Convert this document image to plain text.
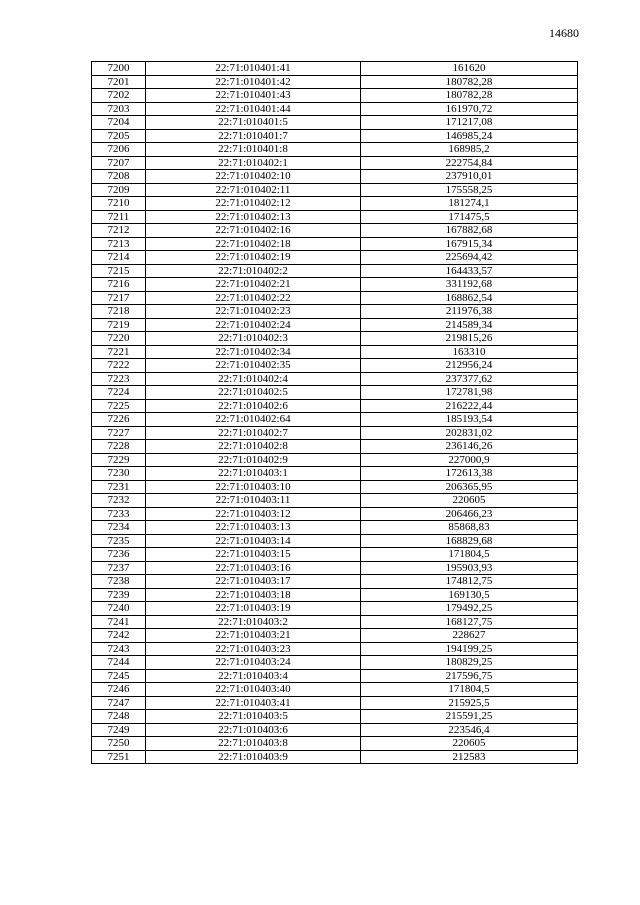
14680
7200	22:71:010401:41	161620
7201	22:71:010401:42	180782,28
7202	22:71:010401:43	180782,28
7203	22:71:010401:44	161970,72
7204	22:71:010401:5	171217,08
7205	22:71:010401:7	146985,24
7206	22:71:010401:8	168985,2
7207	22:71:010402:1	222754,84
7208	22:71:010402:10	237910,01
7209	22:71:010402:11	175558,25
7210	22:71:010402:12	181274,1
7211	22:71:010402:13	171475,5
7212	22:71:010402:16	167882,68
7213	22:71:010402:18	167915,34
7214	22:71:010402:19	225694,42
7215	22:71:010402:2	164433,57
7216	22:71:010402:21	331192,68
7217	22:71:010402:22	168862,54
7218	22:71:010402:23	211976,38
7219	22:71:010402:24	214589,34
7220	22:71:010402:3	219815,26
7221	22:71:010402:34	163310
7222	22:71:010402:35	212956,24
7223	22:71:010402:4	237377,62
7224	22:71:010402:5	172781,98
7225	22:71:010402:6	216222,44
7226	22:71:010402:64	185193,54
7227	22:71:010402:7	202831,02
7228	22:71:010402:8	236146,26
7229	22:71:010402:9	227000,9
7230	22:71:010403:1	172613,38
7231	22:71:010403:10	206365,95
7232	22:71:010403:11	220605
7233	22:71:010403:12	206466,23
7234	22:71:010403:13	85868,83
7235	22:71:010403:14	168829,68
7236	22:71:010403:15	171804,5
7237	22:71:010403:16	195903,93
7238	22:71:010403:17	174812,75
7239	22:71:010403:18	169130,5
7240	22:71:010403:19	179492,25
7241	22:71:010403:2	168127,75
7242	22:71:010403:21	228627
7243	22:71:010403:23	194199,25
7244	22:71:010403:24	180829,25
7245	22:71:010403:4	217596,75
7246	22:71:010403:40	171804,5
7247	22:71:010403:41	215925,5
7248	22:71:010403:5	215591,25
7249	22:71:010403:6	223546,4
7250	22:71:010403:8	220605
7251	22:71:010403:9	212583
